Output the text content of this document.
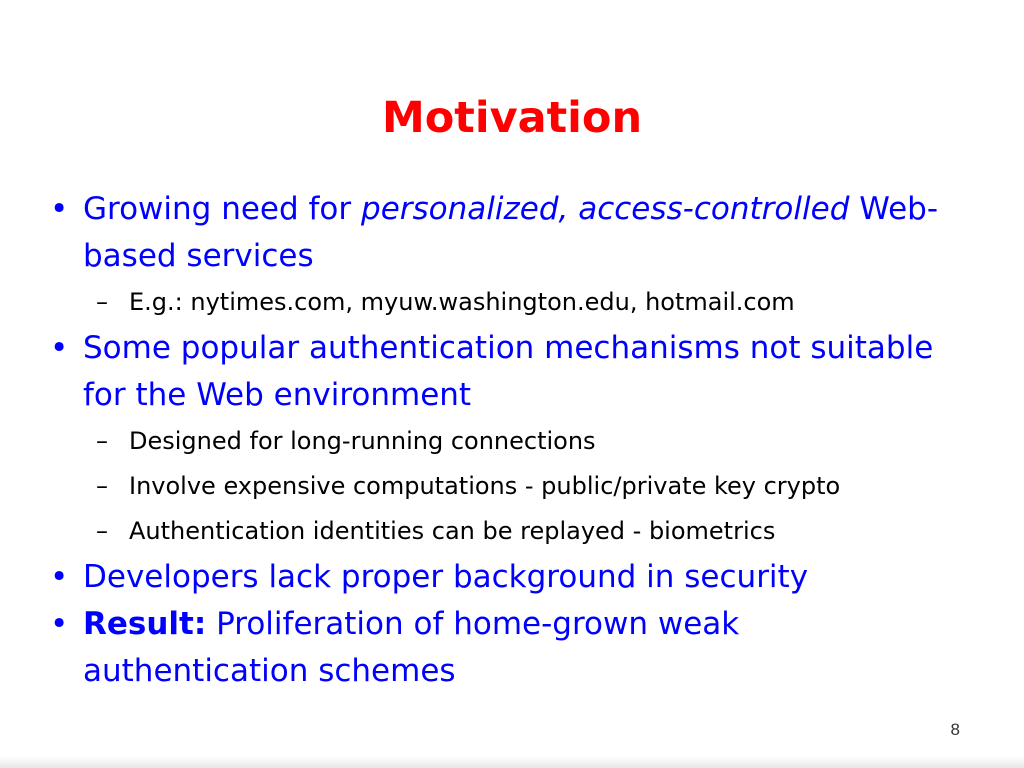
Motivation
• Growing need for personalized, access-controlled Web-based services
– E.g.: nytimes.com, myuw.washington.edu, hotmail.com
• Some popular authentication mechanisms not suitable for the Web environment
– Designed for long-running connections
– Involve expensive computations - public/private key crypto
– Authentication identities can be replayed - biometrics
• Developers lack proper background in security
• Result: Proliferation of home-grown weak authentication schemes
8
